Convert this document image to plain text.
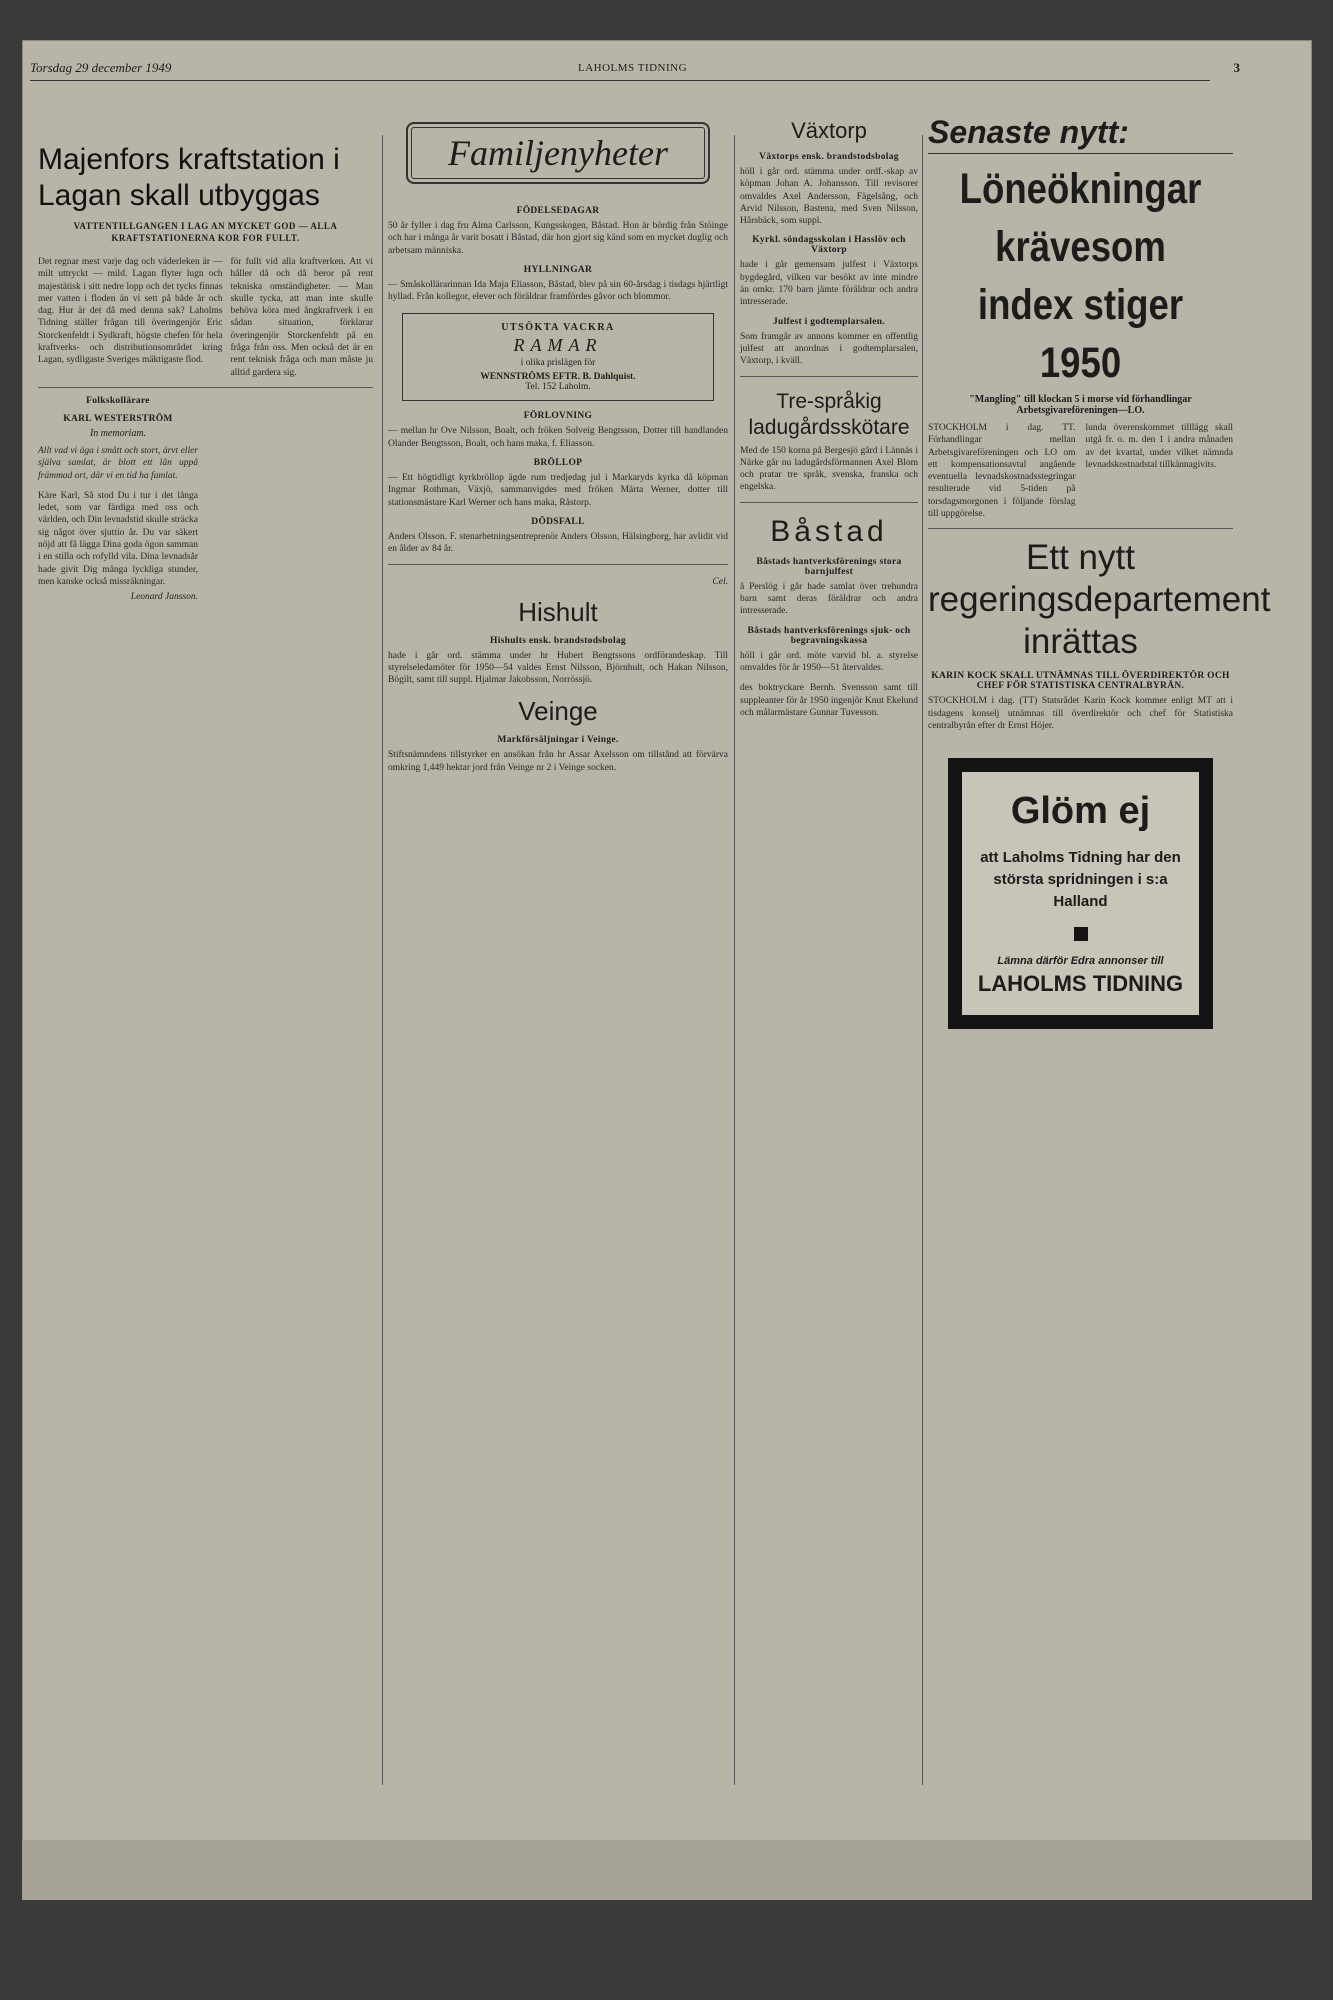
Torsdag 29 december 1949	LAHOLMS TIDNING	3
Majenfors kraftstation i Lagan skall utbyggas
VATTENTILLGANGEN I LAG AN MYCKET GOD — ALLA KRAFTSTATIONERNA KOR FOR FULLT.

Det regnar mest varje dag och väderleken är — milt uttryckt — mild. Lagan flyter lugn och majestätisk i sitt nedre lopp och det tycks finnas mer vatten i floden än vi sett på både år och dag. Hur är det då med denna sak? Laholms Tidning ställer frågan till överingenjör Eric Storckenfeldt i Sydkraft, högste chefen för hela kraftverks- och distributionsområdet kring Lagan, sydligaste Sveriges mäktigaste flod.

för fullt vid alla kraftverken. Att vi håller då och då beror på rent tekniska omständigheter. — Man skulle tycka, att man inte skulle behöva köra med ångkraftverk i en sådan situation, förklarar överingenjör Storckenfeldt på en fråga från oss. Men också det är en rent teknisk fråga och man måste ju alltid gardera sig.

Folkskollärare
KARL WESTERSTRÖM
In memoriam.

Allt vad vi äga i smått och stort, ärvt eller själva samlat, är blott ett lån uppå främmad ort, där vi en tid ha famlat.

Käre Karl, Så stod Du i tur i det långa ledet, som var färdiga med oss och världen, och Din levnadstid skulle sträcka sig något över sjuttio år. Du var säkert nöjd att få lägga Dina goda ögon samman i en stilla och rofylld vila. Dina levnadsår hade givit Dig många lyckliga stunder, men kanske också missräkningar.

Leonard Jansson.
Familjenyheter
FÖDELSEDAGAR

50 år fyller i dag fru Alma Carlsson, Kungsskogen, Båstad. Hon är bördig från Stöinge och har i många år varit bosatt i Båstad, där hon gjort sig känd som en mycket duglig och arbetsam människa.

HYLLNINGAR

— Småskollärarinnan Ida Maja Eliasson, Båstad, blev på sin 60-årsdag i tisdags hjärtligt hyllad. Från kollegor, elever och föräldrar framfördes gåvor och blommor.

UTSÖKTA VACKRA
RAMAR
i olika prislägen för
WENNSTRÖMS EFTR. B. Dahlquist.
Tel. 152 Laholm.
FÖRLOVNING

— mellan hr Ove Nilsson, Boalt, och fröken Solveig Bengtsson, Dotter till handlanden Olander Bengtsson, Boalt, och hans maka, f. Eliasson.

BRÖLLOP

— Ett högtidligt kyrkbröllop ägde rum tredjedag jul i Markaryds kyrka då köpman Ingmar Rothman, Växjö, sammanvigdes med fröken Märta Werner, dotter till stationsmästare Karl Werner och hans maka, Råstorp.

DÖDSFALL

Anders Olsson. F. stenarbetningsentreprenör Anders Olsson, Hälsingborg, har avlidit vid en ålder av 84 år.

Cel.
Hishult
Hishults ensk. brandstodsbolag

hade i går ord. stämma under hr Hubert Bengtssons ordförandeskap. Till styrelseledamöter för 1950—54 valdes Ernst Nilsson, Björnhult, och Hakan Nilsson, Bögilt, samt till suppl. Hjalmar Jakobsson, Norrössjö.

Veinge
Markförsäljningar i Veinge.

Stiftsnämndens tillstyrker en ansökan från hr Assar Axelsson om tillstånd att förvärva omkring 1,449 hektar jord från Veinge nr 2 i Veinge socken.

Växtorp
Växtorps ensk. brandstodsbolag

höll i går ord. stämma under ordf.-skap av köpman Johan A. Johansson. Till revisorer omvaldes Axel Andersson, Fägelsång, och Arvid Nilsson, Bastena, med Sven Nilsson, Hårsbäck, som suppl.

Kyrkl. söndagsskolan i Hasslöv och Växtorp

hade i går gemensam julfest i Växtorps bygdegård, vilken var besökt av inte mindre än omkr. 170 barn jämte föräldrar och andra intresserade.

Julfest i godtemplarsalen.

Som framgår av annons kommer en offentlig julfest att anordnas i godtemplarsalen, Växtorp, i kväll.

Tre-språkig ladugårdsskötare

Med de 150 korna på Bergesjö gård i Lännäs i Närke går nu ladugårdsförmannen Axel Blom och pratar tre språk, svenska, franska och engelska.

Båstad
Båstads hantverksförenings stora barnjulfest

å Perslög i går hade samlat över trehundra barn samt deras föräldrar och andra intresserade.

Båstads hantverksförenings sjuk- och begravningskassa

höll i går ord. möte varvid bl. a. styrelse omvaldes för år 1950—51 återvaldes.

des boktryckare Bernh. Svensson samt till suppleanter för år 1950 ingenjör Knut Ekelund och målarmästare Gunnar Tuvesson.

Senaste nytt:
Löneökningar krävesom index stiger 1950
"Mangling" till klockan 5 i morse vid förhandlingar Arbetsgivareföreningen—LO.

STOCKHOLM i dag. TT. Förhandlingar mellan Arbetsgivareföreningen och LO om ett kompensationsavtal angående eventuella levnadskostnadsstegringar resulterade vid 5-tiden på torsdagsmorgonen i följande förslag till uppgörelse.

lunda överenskommet tilllägg skall utgå fr. o. m. den 1 i andra månaden av det kvartal, under vilket nämnda levnadskostnadstal tillkännagivits.

Ett nytt regeringsdepartement inrättas
KARIN KOCK SKALL UTNÄMNAS TILL ÖVERDIREKTÖR OCH CHEF FÖR STATISTISKA CENTRALBYRÅN.

STOCKHOLM i dag. (TT) Statsrådet Karin Kock kommer enligt MT att i tisdagens konselj utnämnas till överdirektör och chef för Statistiska centralbyrån efter dr Ernst Höjer.

Glöm ej
att Laholms Tidning har den största spridningen i s:a Halland
Lämna därför Edra annonser till
LAHOLMS TIDNING
